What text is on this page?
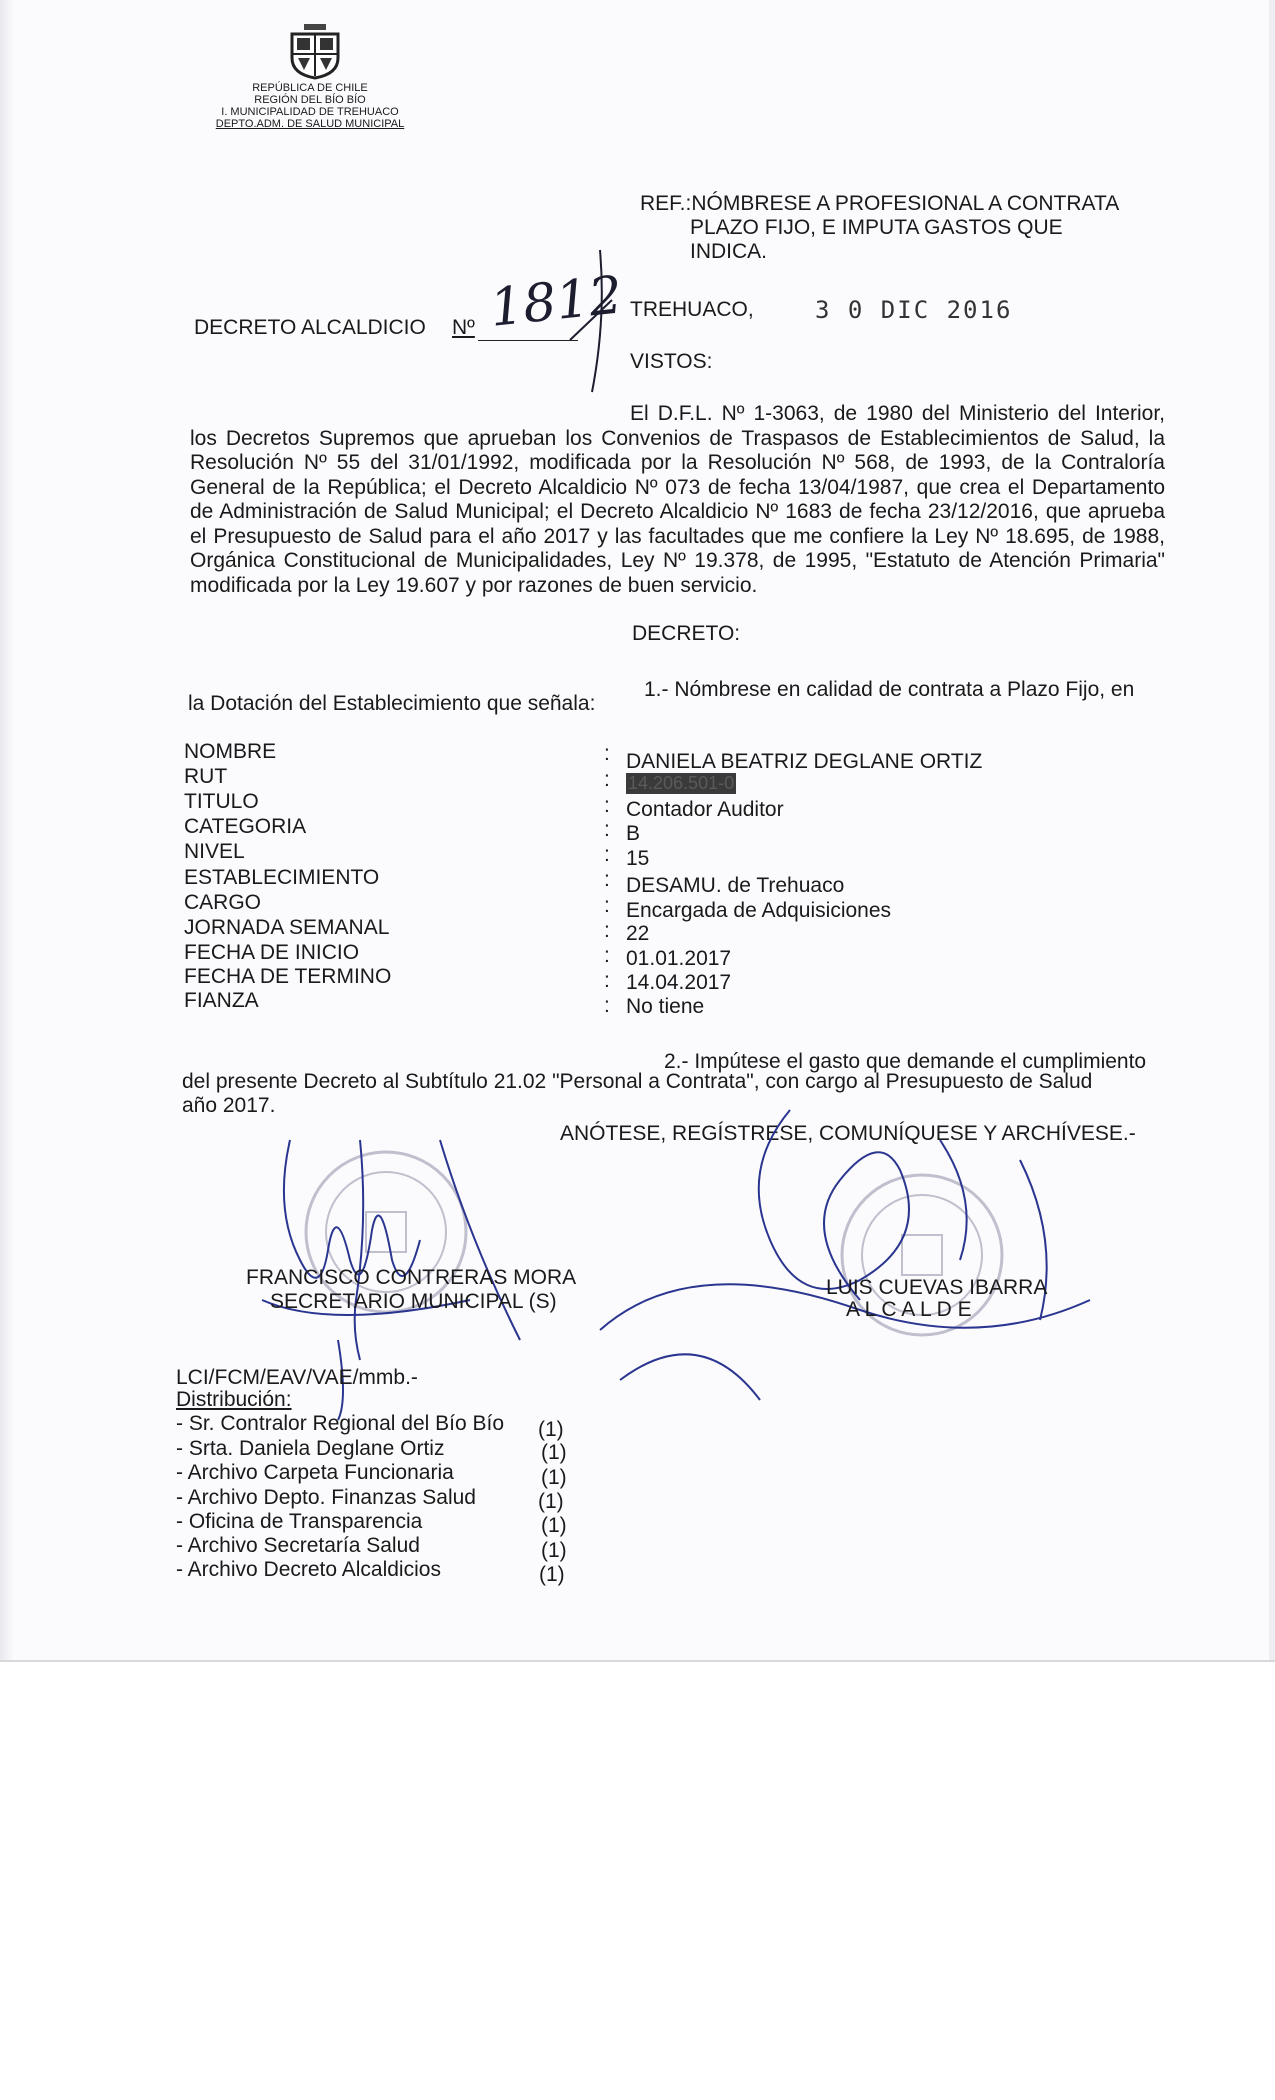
REPÚBLICA DE CHILE
REGIÓN DEL BÍO BÍO
I. MUNICIPALIDAD DE TREHUACO
DEPTO.ADM. DE SALUD MUNICIPAL
REF.:NÓMBRESE A PROFESIONAL A CONTRATA

PLAZO FIJO, E IMPUTA GASTOS QUE
INDICA.
DECRETO ALCALDICIO Nº 1812 TREHUACO,	3 0 DIC 2016
VISTOS:
El D.F.L. Nº 1-3063, de 1980 del Ministerio del Interior, los Decretos Supremos que aprueban los Convenios de Traspasos de Establecimientos de Salud, la Resolución Nº 55 del 31/01/1992, modificada por la Resolución Nº 568, de 1993, de la Contraloría General de la República; el Decreto Alcaldicio Nº 073 de fecha 13/04/1987, que crea el Departamento de Administración de Salud Municipal; el Decreto Alcaldicio Nº 1683 de fecha 23/12/2016, que aprueba el Presupuesto de Salud para el año 2017 y las facultades que me confiere la Ley Nº 18.695, de 1988, Orgánica Constitucional de Municipalidades, Ley Nº 19.378, de 1995, "Estatuto de Atención Primaria" modificada por la Ley 19.607 y por razones de buen servicio.
DECRETO:
1.- Nómbrese en calidad de contrata a Plazo Fijo, en
la Dotación del Establecimiento que señala:
NOMBRE	: DANIELA BEATRIZ DEGLANE ORTIZ
RUT	: 14.206.501-0
TITULO	: Contador Auditor
CATEGORIA	: B
NIVEL	: 15
ESTABLECIMIENTO	: DESAMU. de Trehuaco
CARGO	: Encargada de Adquisiciones
JORNADA SEMANAL	: 22
FECHA DE INICIO	: 01.01.2017
FECHA DE TERMINO	: 14.04.2017
FIANZA	: No tiene
2.- Impútese el gasto que demande el cumplimiento
del presente Decreto al Subtítulo 21.02 "Personal a Contrata", con cargo al Presupuesto de Salud
año 2017.
ANÓTESE, REGÍSTRESE, COMUNÍQUESE Y ARCHÍVESE.-
FRANCISCO CONTRERAS MORA
SECRETARIO MUNICIPAL (S)
LUIS CUEVAS IBARRA
A L C A L D E
LCI/FCM/EAV/VAE/mmb.-
Distribución:
- Sr. Contralor Regional del Bío Bío (1)
- Srta. Daniela Deglane Ortiz	(1)
- Archivo Carpeta Funcionaria	(1)
- Archivo Depto. Finanzas Salud	(1)
- Oficina de Transparencia	(1)
- Archivo Secretaría Salud	(1)
- Archivo Decreto Alcaldicios	(1)
